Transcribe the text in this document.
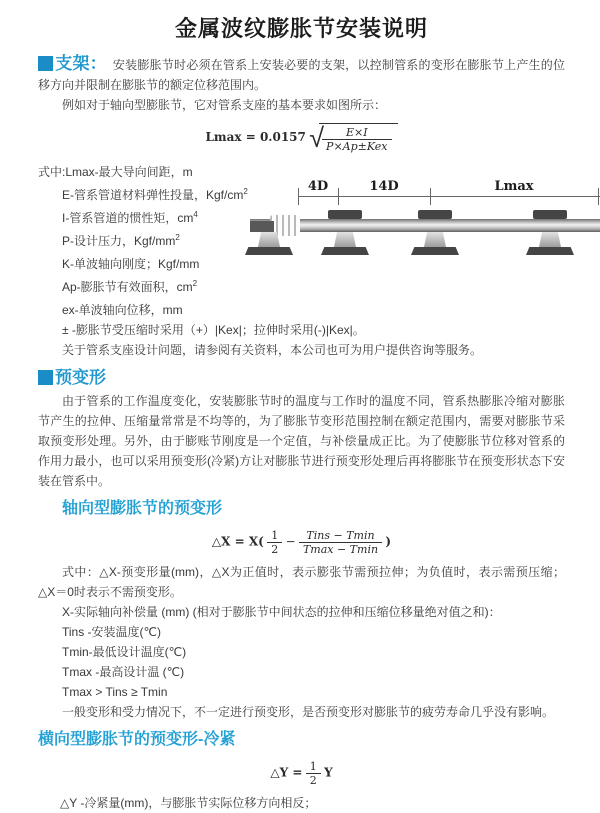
金属波纹膨胀节安装说明

支架： 安装膨胀节时必须在管系上安装必要的支架，以控制管系的变形在膨胀节上产生的位移方向并限制在膨胀节的额定位移范围内。

例如对于轴向型膨胀节，它对管系支座的基本要求如图所示：

Lmax = 0.0157 √
$\frac{E\times I}{\text{P×Ap±Kex}}$
式中:Lmax-最大导向间距，m
E-管系管道材料弹性投量，Kgf/$cm^2$
I-管系管道的惯性矩，$cm^4$
P-设计压力，Kgf/$mm^2$
K-单波轴向刚度；Kgf/mm
Ap-膨胀节有效面积，$cm^2$
ex-单波轴向位移，mm
± -膨胀节受压缩时采用（+）|Kex|；拉伸时采用(-)|Kex|。
关于管系支座设计问题，请参阅有关资料，本公司也可为用户提供咨询等服务。
4D	14D	Lmax
预变形

由于管系的工作温度变化，安装膨胀节时的温度与工作时的温度不同，管系热膨胀冷缩对膨胀节产生的拉伸、压缩量常常是不均等的，为了膨胀节变形范围控制在额定范围内，需要对膨胀节采取预变形处理。另外，由于膨账节刚度是一个定值，与补偿量成正比。为了使膨胀节位移对管系的作用力最小，也可以采用预变形(冷紧)方让对膨胀节进行预变形处理后再将膨胀节在预变形状态下安装在管系中。

轴向型膨胀节的预变形
△X = $X( \frac{1}{2} - \frac{\text{Tins − Tmin}}{Tmax - Tmin}$ )

式中：△X-预变形量(mm)，△X为正值时，表示膨张节需预拉伸；为负值时，表示需预压缩；△X＝0时表示不需预变形。

X-实际轴向补偿量 (mm) (相对于膨胀节中间状态的拉伸和压缩位移量绝对值之和)：
Tins -安装温度(℃)
Tmin-最低设计温度(℃)
Tmax -最高设计温 (℃)
Tmax > Tins ≥ Tmin

一般变形和受力情况下，不一定进行预变形，是否预变形对膨胀节的疲劳寿命几乎没有影响。

横向型膨胀节的预变形-冷紧
△Y = $\frac{1}{2}$ Y
△Y -冷紧量(mm)，与膨胀节实际位移方向相反；
